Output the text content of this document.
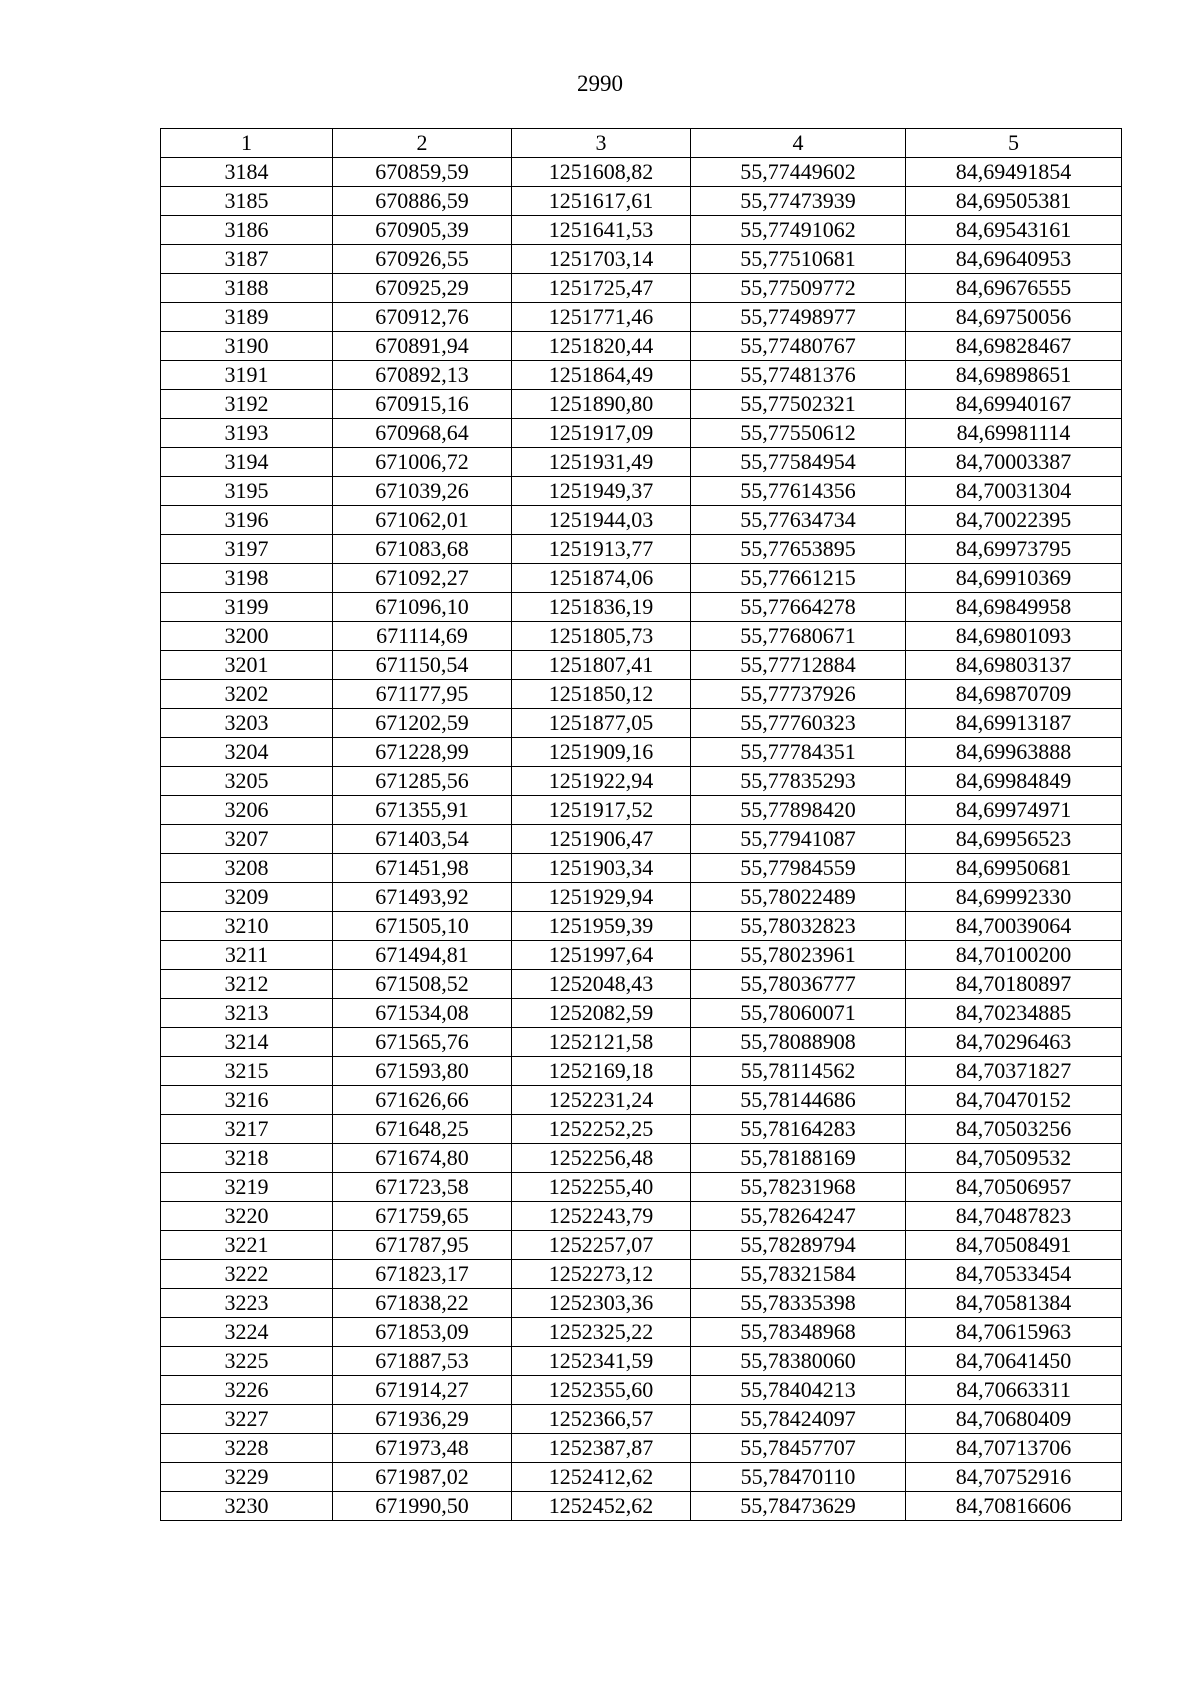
2990
1	2	3	4	5
3184	670859,59	1251608,82	55,77449602	84,69491854
3185	670886,59	1251617,61	55,77473939	84,69505381
3186	670905,39	1251641,53	55,77491062	84,69543161
3187	670926,55	1251703,14	55,77510681	84,69640953
3188	670925,29	1251725,47	55,77509772	84,69676555
3189	670912,76	1251771,46	55,77498977	84,69750056
3190	670891,94	1251820,44	55,77480767	84,69828467
3191	670892,13	1251864,49	55,77481376	84,69898651
3192	670915,16	1251890,80	55,77502321	84,69940167
3193	670968,64	1251917,09	55,77550612	84,69981114
3194	671006,72	1251931,49	55,77584954	84,70003387
3195	671039,26	1251949,37	55,77614356	84,70031304
3196	671062,01	1251944,03	55,77634734	84,70022395
3197	671083,68	1251913,77	55,77653895	84,69973795
3198	671092,27	1251874,06	55,77661215	84,69910369
3199	671096,10	1251836,19	55,77664278	84,69849958
3200	671114,69	1251805,73	55,77680671	84,69801093
3201	671150,54	1251807,41	55,77712884	84,69803137
3202	671177,95	1251850,12	55,77737926	84,69870709
3203	671202,59	1251877,05	55,77760323	84,69913187
3204	671228,99	1251909,16	55,77784351	84,69963888
3205	671285,56	1251922,94	55,77835293	84,69984849
3206	671355,91	1251917,52	55,77898420	84,69974971
3207	671403,54	1251906,47	55,77941087	84,69956523
3208	671451,98	1251903,34	55,77984559	84,69950681
3209	671493,92	1251929,94	55,78022489	84,69992330
3210	671505,10	1251959,39	55,78032823	84,70039064
3211	671494,81	1251997,64	55,78023961	84,70100200
3212	671508,52	1252048,43	55,78036777	84,70180897
3213	671534,08	1252082,59	55,78060071	84,70234885
3214	671565,76	1252121,58	55,78088908	84,70296463
3215	671593,80	1252169,18	55,78114562	84,70371827
3216	671626,66	1252231,24	55,78144686	84,70470152
3217	671648,25	1252252,25	55,78164283	84,70503256
3218	671674,80	1252256,48	55,78188169	84,70509532
3219	671723,58	1252255,40	55,78231968	84,70506957
3220	671759,65	1252243,79	55,78264247	84,70487823
3221	671787,95	1252257,07	55,78289794	84,70508491
3222	671823,17	1252273,12	55,78321584	84,70533454
3223	671838,22	1252303,36	55,78335398	84,70581384
3224	671853,09	1252325,22	55,78348968	84,70615963
3225	671887,53	1252341,59	55,78380060	84,70641450
3226	671914,27	1252355,60	55,78404213	84,70663311
3227	671936,29	1252366,57	55,78424097	84,70680409
3228	671973,48	1252387,87	55,78457707	84,70713706
3229	671987,02	1252412,62	55,78470110	84,70752916
3230	671990,50	1252452,62	55,78473629	84,70816606
